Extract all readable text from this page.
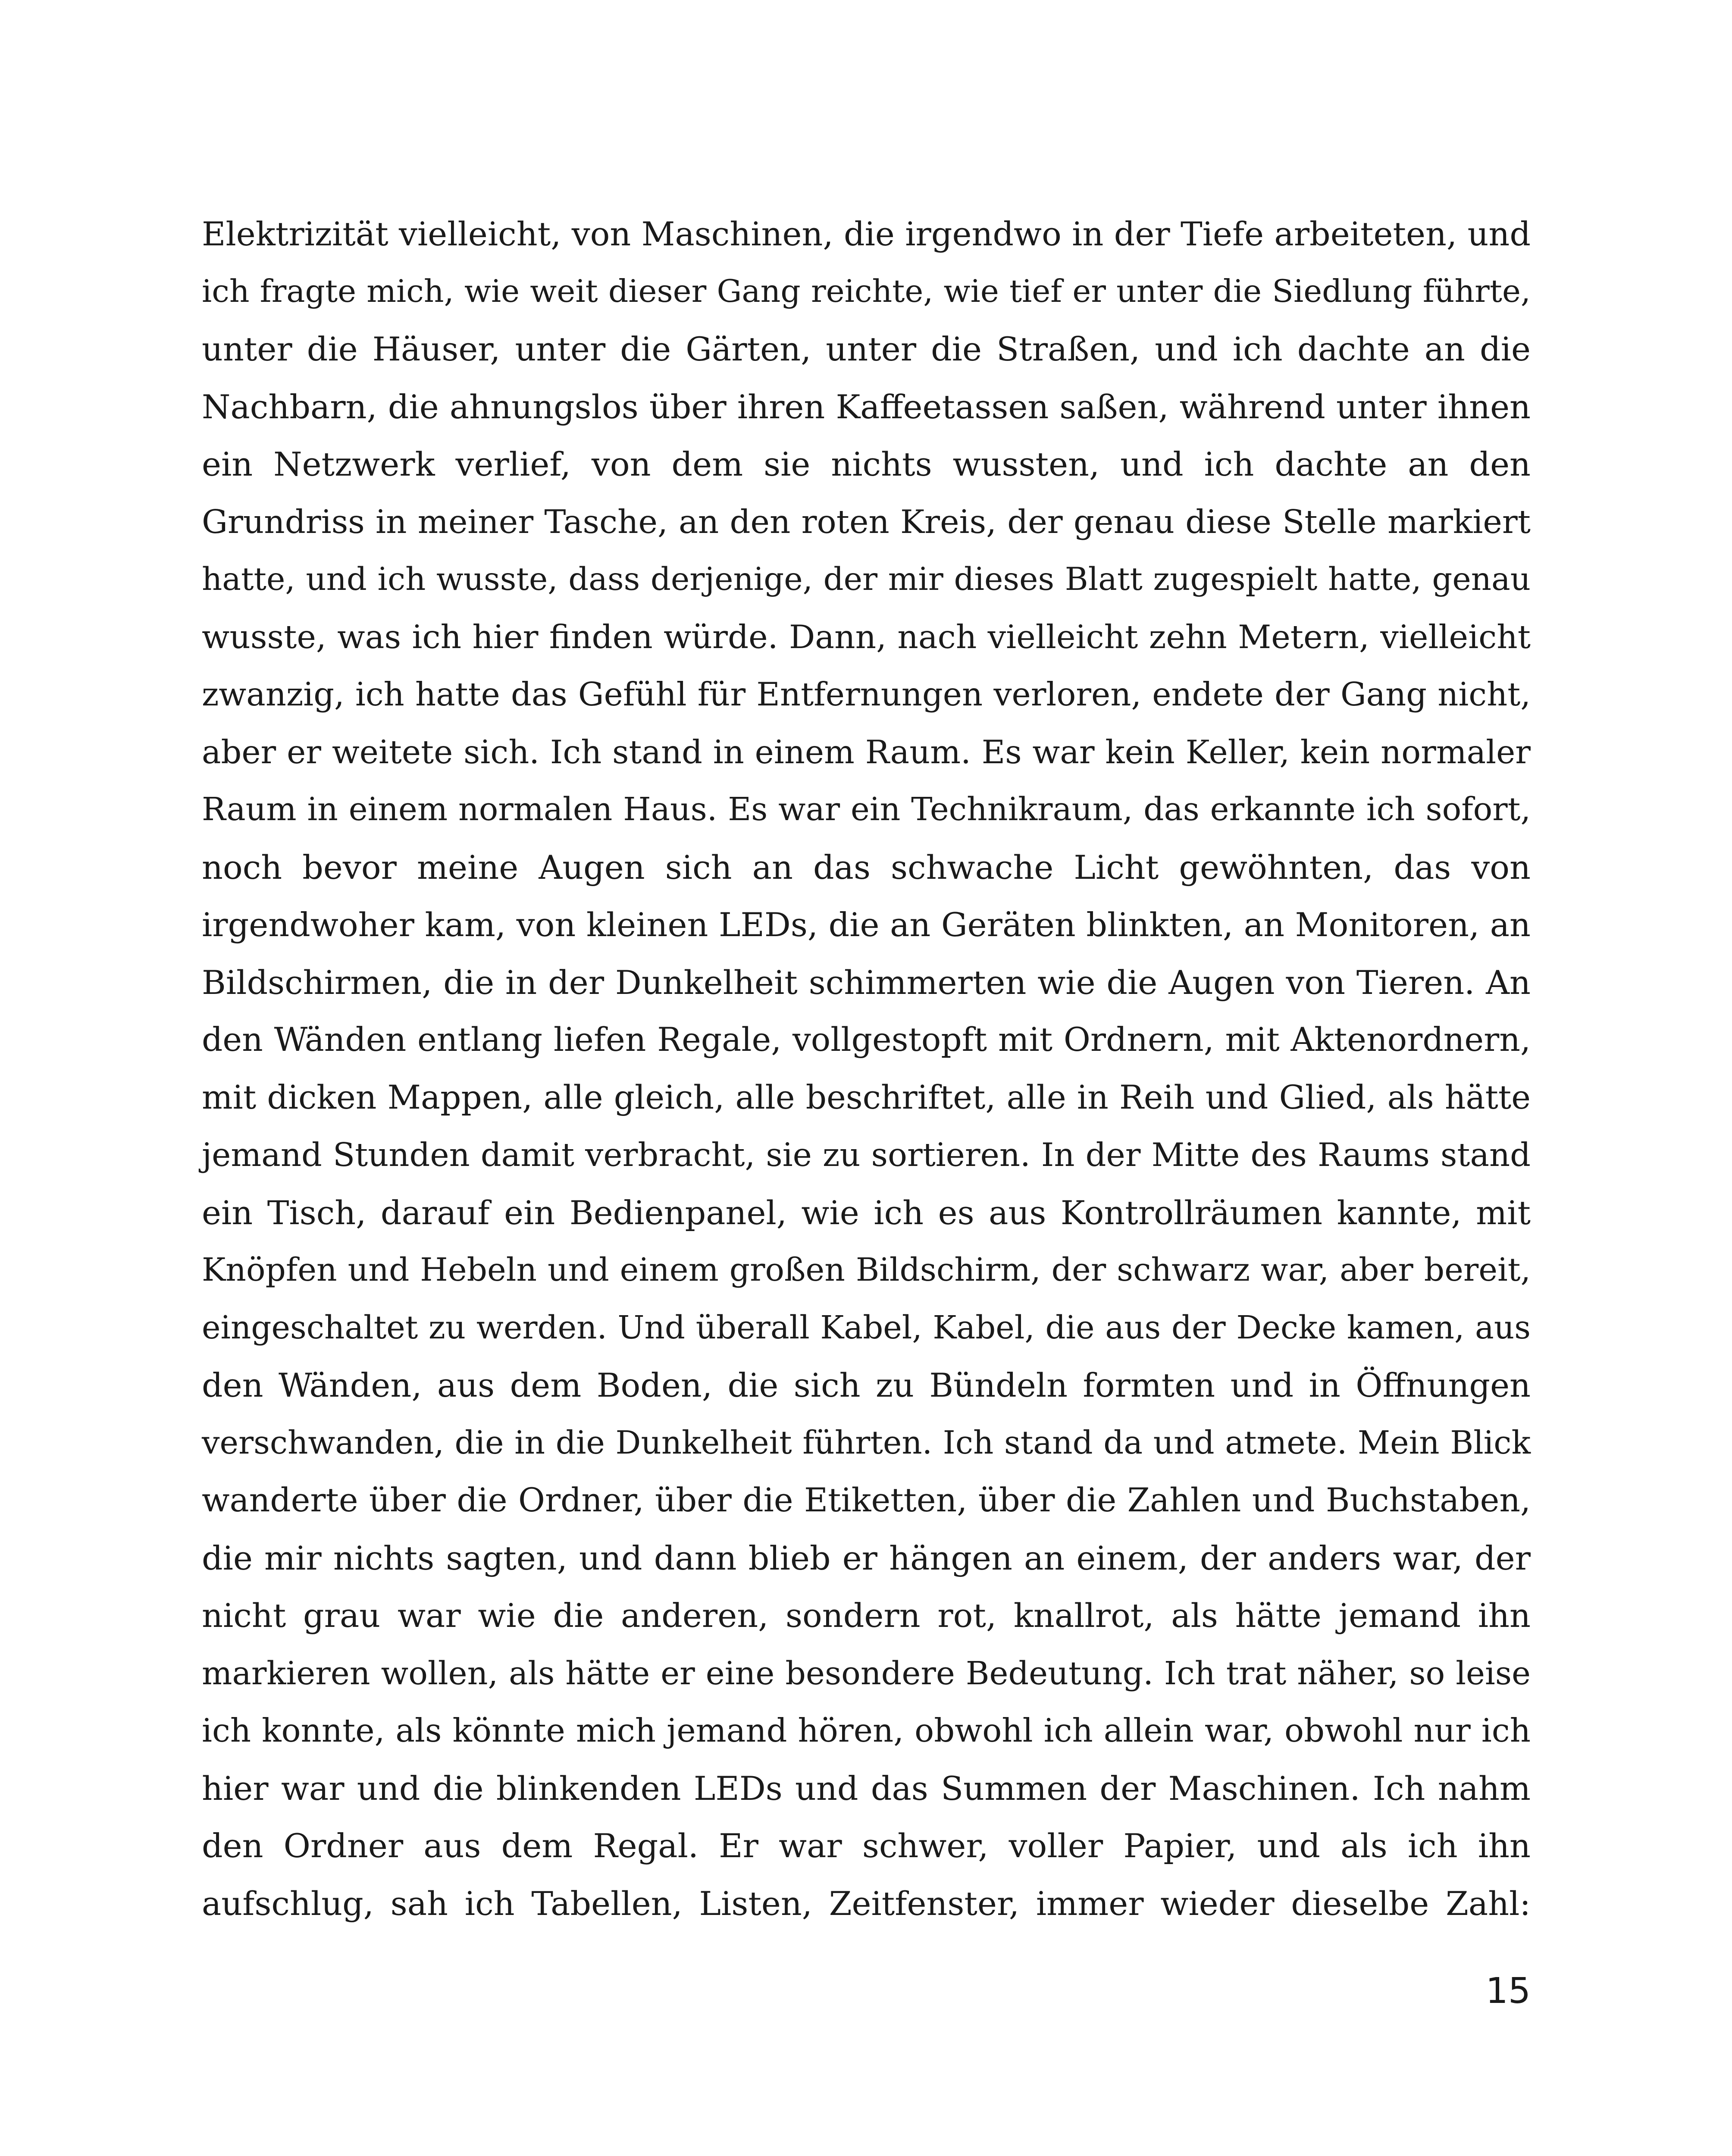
Elektrizität vielleicht, von Maschinen, die irgendwo in der Tiefe arbeiteten, und
ich fragte mich, wie weit dieser Gang reichte, wie tief er unter die Siedlung führte,
unter die Häuser, unter die Gärten, unter die Straßen, und ich dachte an die
Nachbarn, die ahnungslos über ihren Kaffeetassen saßen, während unter ihnen
ein Netzwerk verlief, von dem sie nichts wussten, und ich dachte an den
Grundriss in meiner Tasche, an den roten Kreis, der genau diese Stelle markiert
hatte, und ich wusste, dass derjenige, der mir dieses Blatt zugespielt hatte, genau
wusste, was ich hier finden würde. Dann, nach vielleicht zehn Metern, vielleicht
zwanzig, ich hatte das Gefühl für Entfernungen verloren, endete der Gang nicht,
aber er weitete sich. Ich stand in einem Raum. Es war kein Keller, kein normaler
Raum in einem normalen Haus. Es war ein Technikraum, das erkannte ich sofort,
noch bevor meine Augen sich an das schwache Licht gewöhnten, das von
irgendwoher kam, von kleinen LEDs, die an Geräten blinkten, an Monitoren, an
Bildschirmen, die in der Dunkelheit schimmerten wie die Augen von Tieren. An
den Wänden entlang liefen Regale, vollgestopft mit Ordnern, mit Aktenordnern,
mit dicken Mappen, alle gleich, alle beschriftet, alle in Reih und Glied, als hätte
jemand Stunden damit verbracht, sie zu sortieren. In der Mitte des Raums stand
ein Tisch, darauf ein Bedienpanel, wie ich es aus Kontrollräumen kannte, mit
Knöpfen und Hebeln und einem großen Bildschirm, der schwarz war, aber bereit,
eingeschaltet zu werden. Und überall Kabel, Kabel, die aus der Decke kamen, aus
den Wänden, aus dem Boden, die sich zu Bündeln formten und in Öffnungen
verschwanden, die in die Dunkelheit führten. Ich stand da und atmete. Mein Blick
wanderte über die Ordner, über die Etiketten, über die Zahlen und Buchstaben,
die mir nichts sagten, und dann blieb er hängen an einem, der anders war, der
nicht grau war wie die anderen, sondern rot, knallrot, als hätte jemand ihn
markieren wollen, als hätte er eine besondere Bedeutung. Ich trat näher, so leise
ich konnte, als könnte mich jemand hören, obwohl ich allein war, obwohl nur ich
hier war und die blinkenden LEDs und das Summen der Maschinen. Ich nahm
den Ordner aus dem Regal. Er war schwer, voller Papier, und als ich ihn
aufschlug, sah ich Tabellen, Listen, Zeitfenster, immer wieder dieselbe Zahl:
15
